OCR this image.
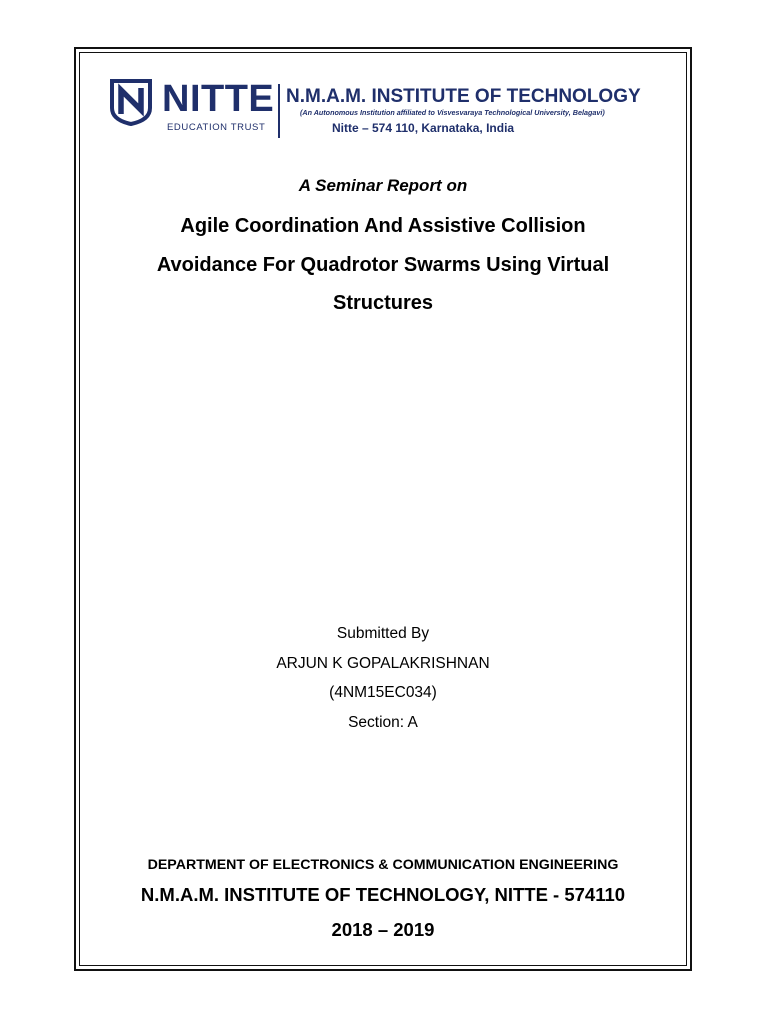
NITTE
EDUCATION TRUST
N.M.A.M. INSTITUTE OF TECHNOLOGY
(An Autonomous Institution affiliated to Visvesvaraya Technological University, Belagavi)
Nitte – 574 110, Karnataka, India
A Seminar Report on
Agile Coordination And Assistive Collision
Avoidance For Quadrotor Swarms Using Virtual
Structures
Submitted By
ARJUN K GOPALAKRISHNAN
(4NM15EC034)
Section: A
DEPARTMENT OF ELECTRONICS & COMMUNICATION ENGINEERING
N.M.A.M. INSTITUTE OF TECHNOLOGY, NITTE - 574110
2018 – 2019
